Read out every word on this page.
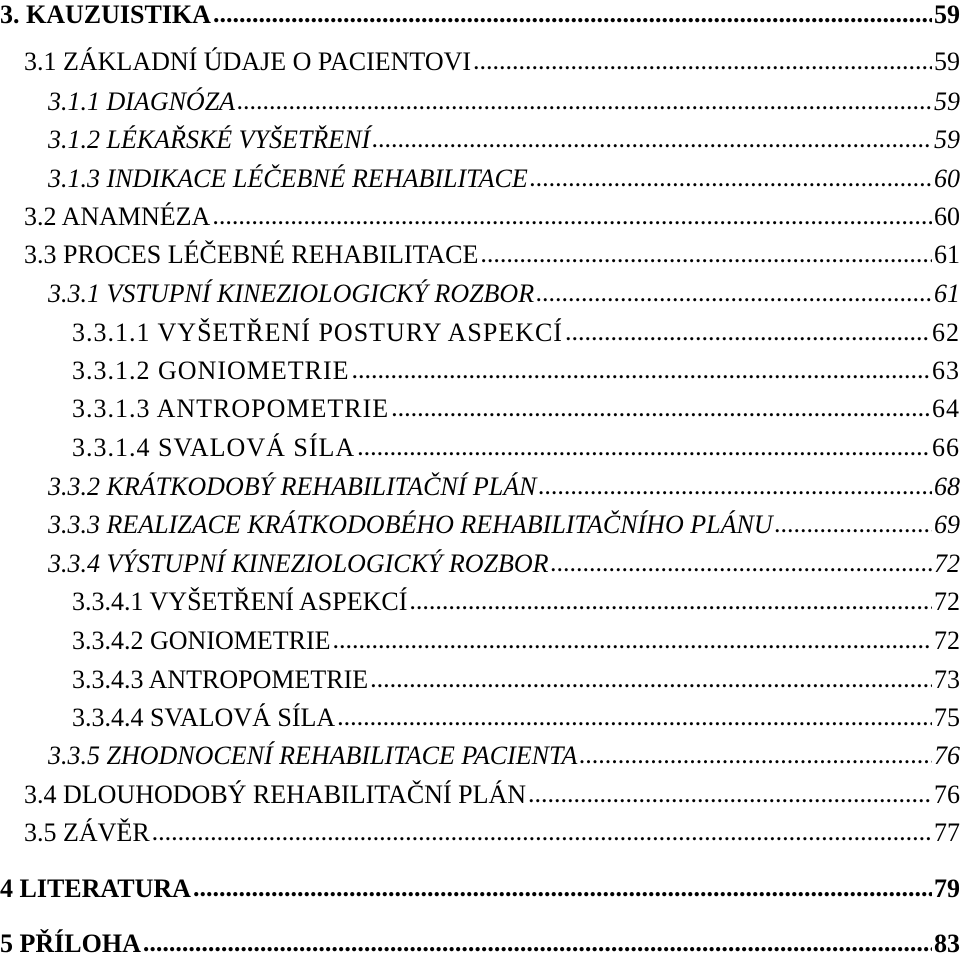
3. KAUZUISTIKA .....	59
3.1 ZÁKLADNÍ ÚDAJE O PACIENTOVI .....	59
3.1.1 DIAGNÓZA .....	59
3.1.2 LÉKAŘSKÉ VYŠETŘENÍ .....	59
3.1.3 INDIKACE LÉČEBNÉ REHABILITACE .....	60
3.2 ANAMNÉZA .....	60
3.3 PROCES LÉČEBNÉ REHABILITACE .....	61
3.3.1 VSTUPNÍ KINEZIOLOGICKÝ ROZBOR .....	61
3.3.1.1 VYŠETŘENÍ POSTURY ASPEKCÍ .....	62
3.3.1.2 GONIOMETRIE .....	63
3.3.1.3 ANTROPOMETRIE .....	64
3.3.1.4 SVALOVÁ SÍLA .....	66
3.3.2 KRÁTKODOBÝ REHABILITAČNÍ PLÁN .....	68
3.3.3 REALIZACE KRÁTKODOBÉHO REHABILITAČNÍHO PLÁNU .....	69
3.3.4 VÝSTUPNÍ KINEZIOLOGICKÝ ROZBOR .....	72
3.3.4.1 VYŠETŘENÍ ASPEKCÍ .....	72
3.3.4.2 GONIOMETRIE .....	72
3.3.4.3 ANTROPOMETRIE .....	73
3.3.4.4 SVALOVÁ SÍLA .....	75
3.3.5 ZHODNOCENÍ REHABILITACE PACIENTA .....	76
3.4 DLOUHODOBÝ REHABILITAČNÍ PLÁN .....	76
3.5 ZÁVĚR .....	77
4 LITERATURA .....	79
5 PŘÍLOHA .....	83
